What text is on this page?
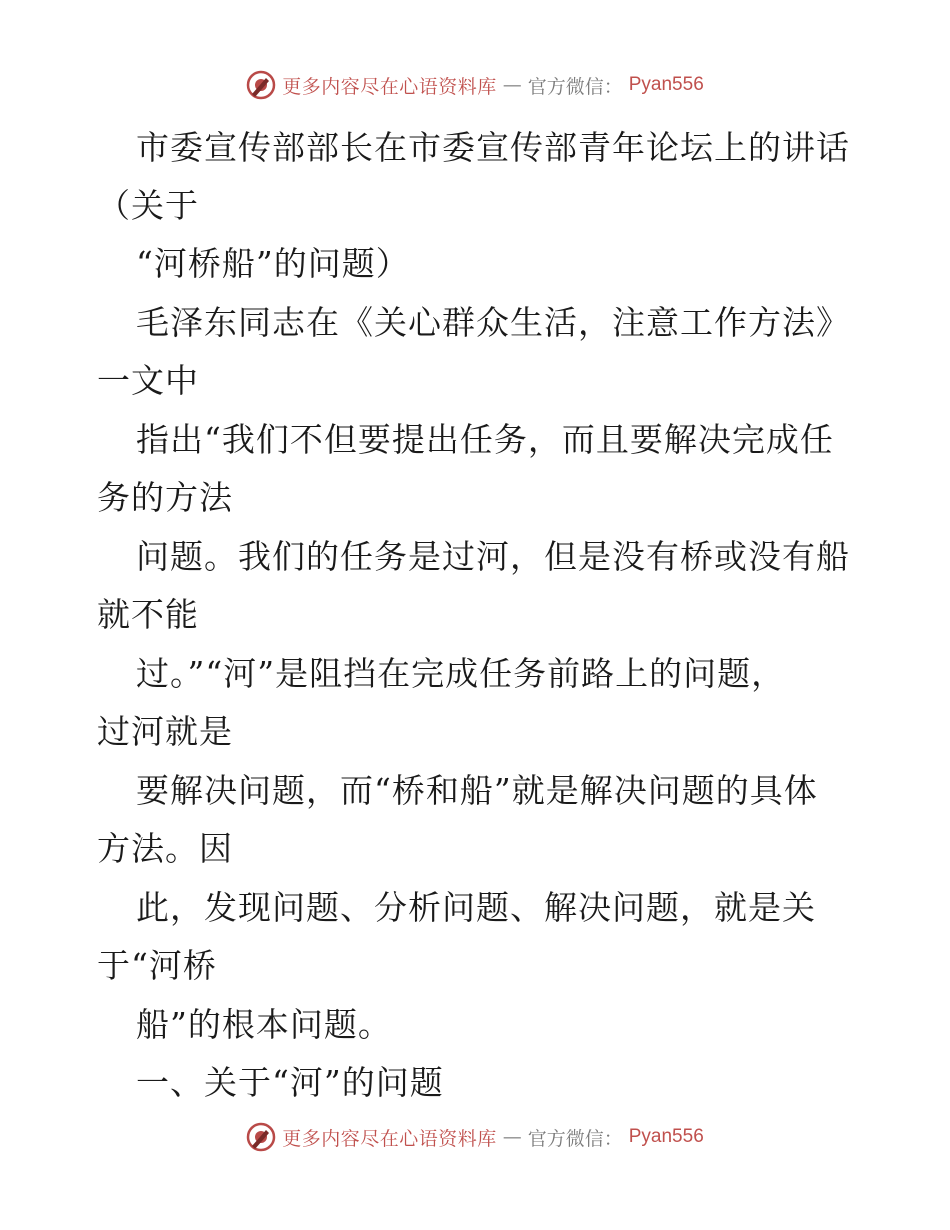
更多内容尽在心语资料库 — 官方微信： Pyan556
市委宣传部部长在市委宣传部青年论坛上的讲话
（关于
“河桥船”的问题）
毛泽东同志在《关心群众生活，注意工作方法》
一文中
指出“我们不但要提出任务，而且要解决完成任
务的方法
问题。我们的任务是过河，但是没有桥或没有船
就不能
过。”“河”是阻挡在完成任务前路上的问题，
过河就是
要解决问题，而“桥和船”就是解决问题的具体
方法。因
此，发现问题、分析问题、解决问题，就是关
于“河桥
船”的根本问题。
一、关于“河”的问题
更多内容尽在心语资料库 — 官方微信： Pyan556
